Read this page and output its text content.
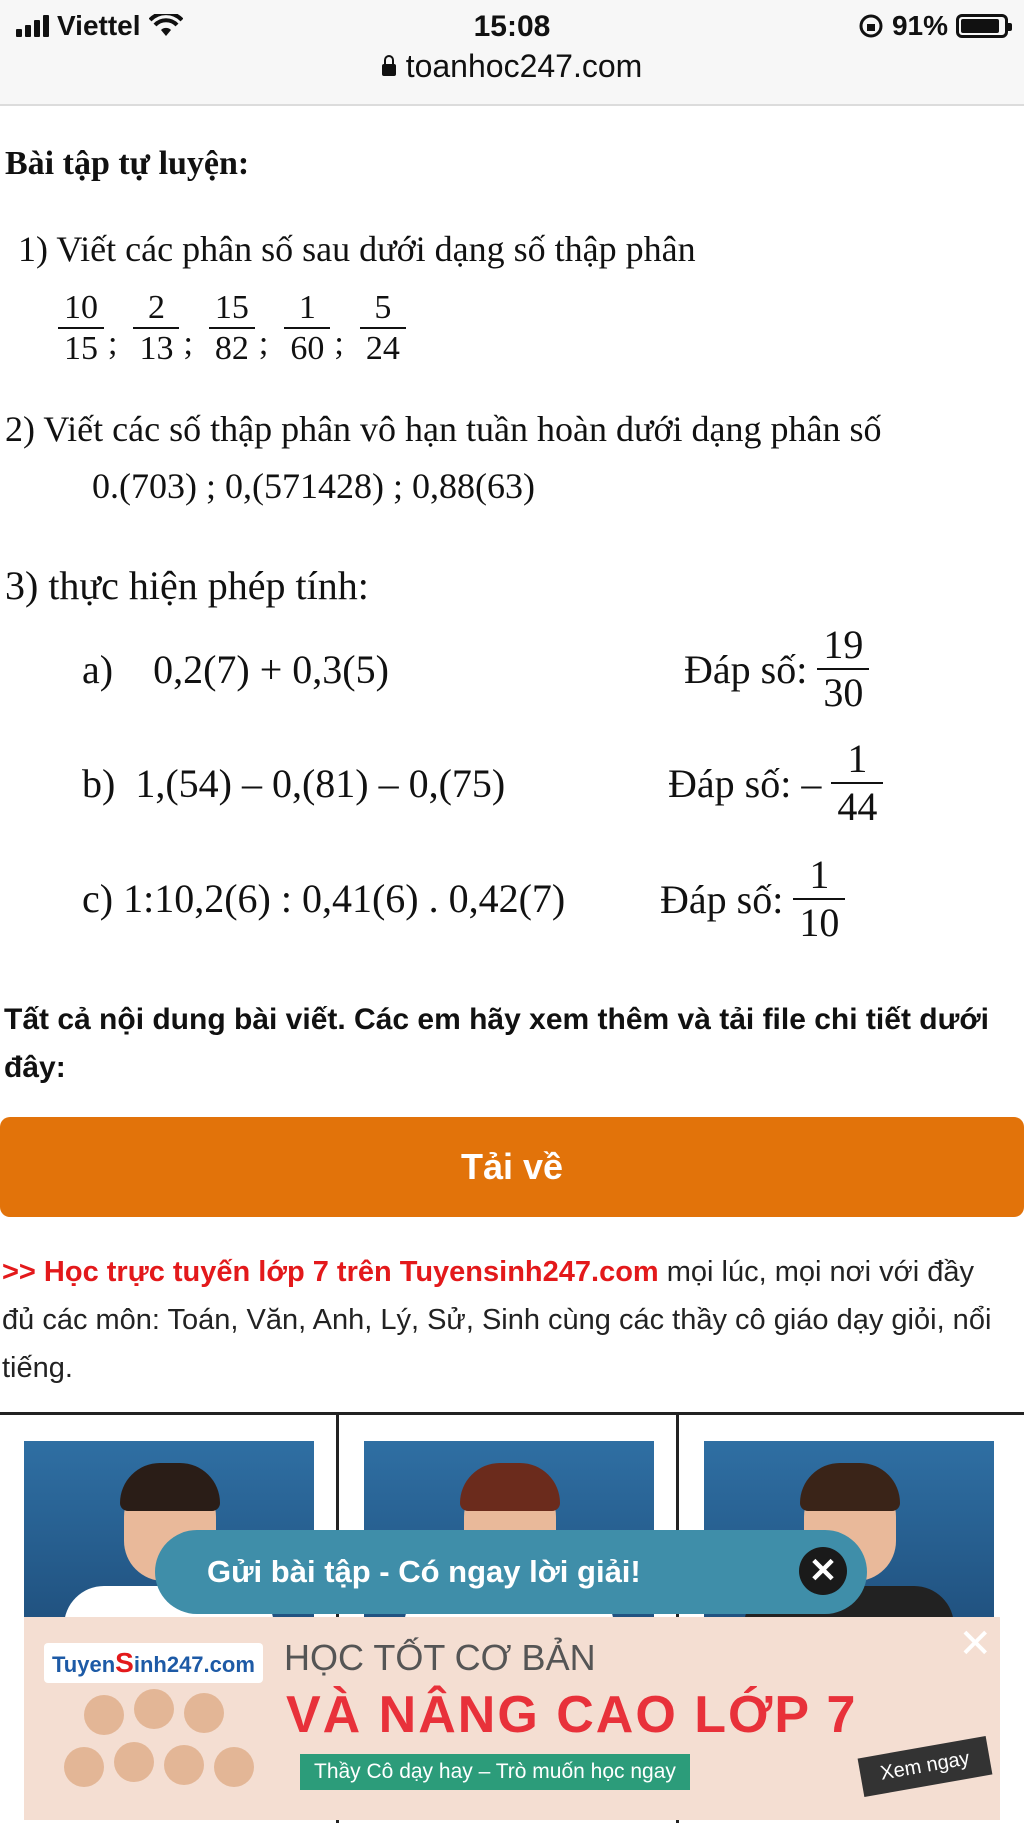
Viettel	15:08	91%
toanhoc247.com
Bài tập tự luyện:
1) Viết các phân số sau dưới dạng số thập phân
$\frac{10}{15}$ ; $\frac{2}{13}$ ; $\frac{15}{82}$ ; $\frac{1}{60}$ ; $\frac{5}{24}$
2) Viết các số thập phân vô hạn tuần hoàn dưới dạng phân số
0.(703) ; 0,(571428) ; 0,88(63)
3) thực hiện phép tính:
a) 0,2(7) + 0,3(5)	Đáp số: $\frac{19}{30}$
b) 1,(54) – 0,(81) – 0,(75)	Đáp số: – $\frac{1}{44}$
c) 1:10,2(6) : 0,41(6) . 0,42(7) Đáp số: $\frac{1}{10}$
Tất cả nội dung bài viết. Các em hãy xem thêm và tải file chi tiết dưới đây:
Tải về
>> Học trực tuyến lớp 7 trên Tuyensinh247.com mọi lúc, mọi nơi với đầy đủ các môn: Toán, Văn, Anh, Lý, Sử, Sinh cùng các thầy cô giáo dạy giỏi, nổi tiếng.
Gửi bài tập - Có ngay lời giải!	✕
TuyenSinh247.com HỌC TỐT CƠ BẢN
VÀ NÂNG CAO LỚP 7
Thầy Cô dạy hay – Trò muốn học ngay	Xem ngay
✕
